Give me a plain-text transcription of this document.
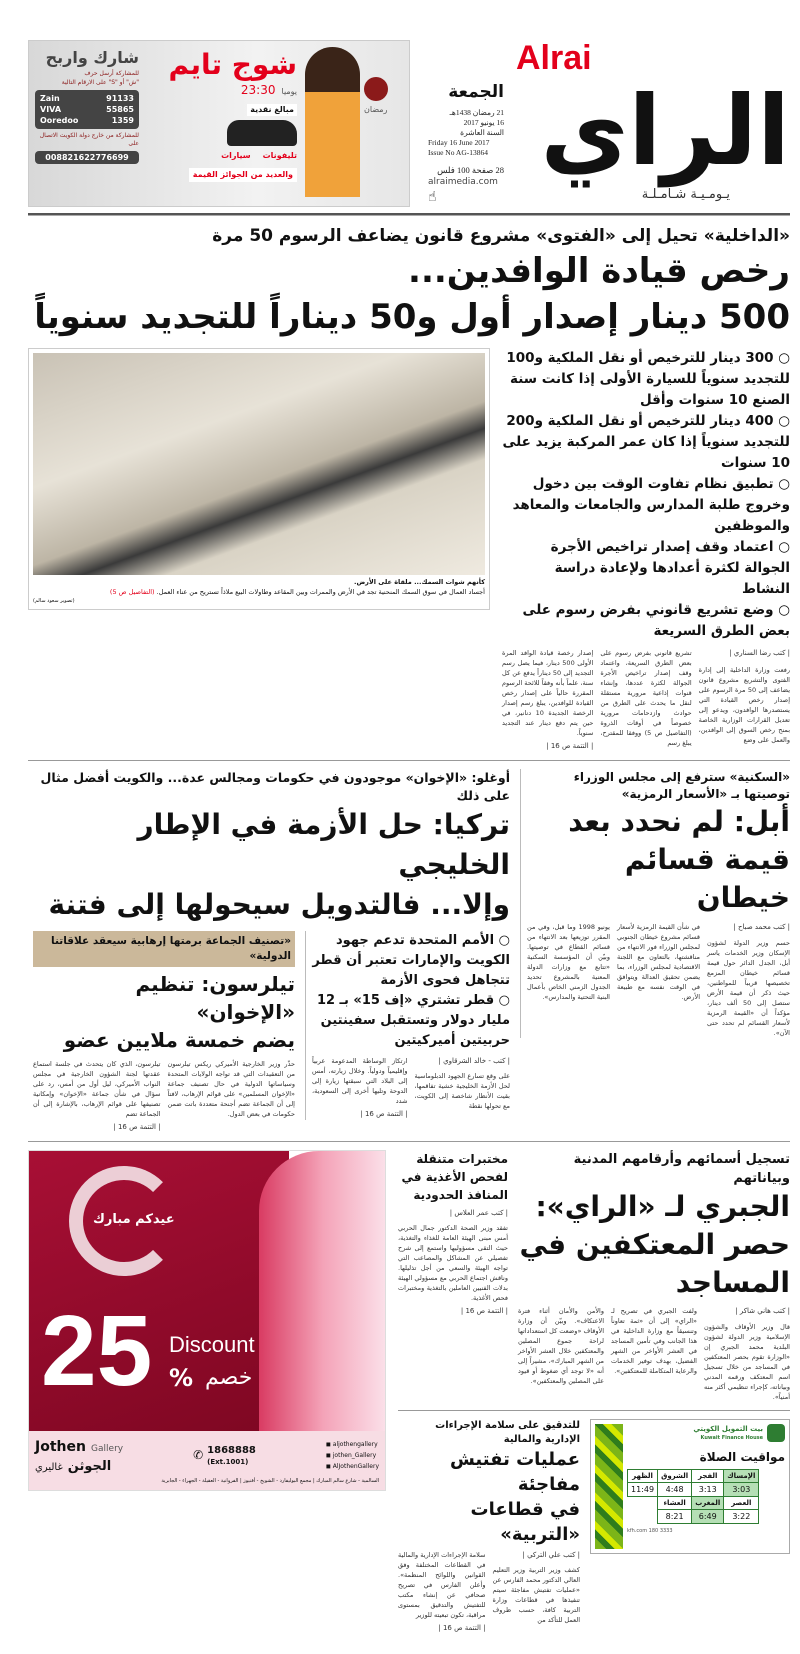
شارك واربح
للمشاركة أرسل حرف
"ش" أو "S" على الارقام التالية
Zain	91133
VIVA	55865
Ooredoo	1359
للمشاركة من خارج دولة الكويت الاتصال على
008821622776699
شوج تايم
يوميا
23:30
مبالغ نقدية
تليفونات
سيارات
والعديد من الجوائز القيمة
رمضان
الجمعة
21 رمضان 1438هـ
16 يونيو 2017
السنة العاشرة
Friday 16 June 2017
Issue No AG-13864
28 صفحة 100 فلس
alraimedia.com
☝
Alrai
الراي
يـومـيـة شـامـلـة
«الداخلية» تحيل إلى «الفتوى» مشروع قانون يضاعف الرسوم 50 مرة
رخص قيادة الوافدين...
500 دينار إصدار أول و50 ديناراً للتجديد سنوياً
كأنهم شوات السمك... ملقاة على الأرض.
أجساد العمال في سوق السمك المنحنية تجد في الأرض والممرات وبين المقاعد وطاولات البيع ملاذاً تستريح من عناء العمل. (التفاصيل ص 5)
(تصوير سعود سالم)
○ 300 دينار للترخيص أو نقل الملكية و100 للتجديد سنوياً للسيارة الأولى إذا كانت سنة الصنع 10 سنوات وأقل
○ 400 دينار للترخيص أو نقل الملكية و200 للتجديد سنوياً إذا كان عمر المركبة يزيد على 10 سنوات
○ تطبيق نظام تفاوت الوقت بين دخول وخروج طلبة المدارس والجامعات والمعاهد والموظفين
○ اعتماد وقف إصدار تراخيص الأجرة الجوالة لكثرة أعدادها ولإعادة دراسة النشاط
○ وضع تشريع قانوني بفرض رسوم على بعض الطرق السريعة
| كتب رضا السناري |
رفعت وزارة الداخلية إلى إدارة الفتوى والتشريع مشروع قانون يضاعف إلى 50 مرة الرسوم على إصدار رخص القيادة التي يستصدرها الوافدون، ويدعو إلى تعديل القرارات الوزارية الخاصة بمنح رخص السوق إلى الوافدين، والعمل على وضع
تشريع قانوني بفرض رسوم على بعض الطرق السريعة، واعتماد وقف إصدار تراخيص الأجرة الجوالة لكثرة عددها، وإنشاء قنوات إذاعية مرورية مستقلة لنقل ما يحدث على الطرق من حوادث وازدحامات مرورية خصوصاً في أوقات الذروة (التفاصيل ص 5) ووفقا للمقترح، يبلغ رسم
إصدار رخصة قيادة الوافد المرة الأولى 500 دينار، فيما يصل رسم التجديد إلى 50 ديناراً يدفع عن كل سنة، علماً بأنه وفقاً للائحة الرسوم المقررة حالياً على إصدار رخص القيادة للوافدين، يبلغ رسم إصدار الرخصة الجديدة 10 دنانير، في حين يتم دفع دينار عند التجديد سنوياً.
| التتمة ص 16 |
أوغلو: «الإخوان» موجودون في حكومات ومجالس عدة... والكويت أفضل مثال على ذلك
تركيا: حل الأزمة في الإطار الخليجي
وإلا... فالتدويل سيحولها إلى فتنة
○ الأمم المتحدة تدعم جهود الكويت والإمارات تعتبر أن قطر تتجاهل فحوى الأزمة
○ قطر تشتري «إف 15» بـ 12 مليار دولار وتستقبل سفينتين حربيتين أميركيتين
| كتب - خالد الشرقاوي |
على وقع تسارع الجهود الدبلوماسية لحل الأزمة الخليجية خشية تفاقمها، بقيت الأنظار شاخصة إلى الكويت، مع تحولها نقطة
ارتكاز الوساطة المدعومة عربياً وإقليمياً ودولياً. وخلال زيارته، أمس إلى البلاد التي سبقتها زيارة إلى الدوحة وتليها أخرى إلى السعودية، شدد
| التتمة ص 16 |
«تصنيف الجماعة برمتها إرهابية سيعقد علاقاتنا الدولية»
تيلرسون: تنظيم «الإخوان»
يضم خمسة ملايين عضو
حذّر وزير الخارجية الأميركي ريكس تيلرسون من التعقيدات التي قد تواجه الولايات المتحدة وسياساتها الدولية في حال تصنيف جماعة «الإخوان المسلمين» على قوائم الإرهاب، لافتاً إلى أن الجماعة تضم أجنحة متعددة باتت ضمن حكومات في بعض الدول.
تيلرسون، الذي كان يتحدث في جلسة استماع عقدتها لجنة الشؤون الخارجية في مجلس النواب الأميركي، ليل أول من أمس، رد على سؤال في شأن جماعة «الإخوان» وإمكانية تصنيفها على قوائم الإرهاب، بالإشارة إلى أن الجماعة تضم
| التتمة ص 16 |
«السكنية» سترفع إلى مجلس الوزراء توصيتها بـ «الأسعار الرمزية»
أبل: لم نحدد بعد قيمة قسائم خيطان
| كتب محمد صباح |
حسم وزير الدولة لشؤون الإسكان وزير الخدمات ياسر أبل، الجدل الدائر حول قيمة قسائم خيطان المزمع تخصيصها قريباً للمواطنين، حيث ذكر أن قيمة الأرض ستصل إلى 50 ألف دينار، مؤكداً أن «القيمة الرمزية لأسعار القسائم لم تحدد حتى الآن».
في شأن القيمة الرمزية لأسعار قسائم مشروع خيطان الجنوبي لمجلس الوزراء فور الانتهاء من مناقشتها، بالتعاون مع اللجنة الاقتصادية لمجلس الوزراء، بما يضمن تحقيق العدالة ويتوافق في الوقت نفسه مع طبيعة الأرض.
يونيو 1998 وما قبل، وفي من المقرر توزيعها بعد الانتهاء من قسائم القطاع في توصيتها. وبيّن أن المؤسسة السكنية «تتابع مع وزارات الدولة المعنية بالمشروع تحديد الجدول الزمني الخاص بأعمال البنية التحتية والمدارس».
عيدكم مبارك
25 Discount
% خصم
Jothen Gallery
الجوثن غاليري
✆ 1868888
(Ext.1001)
◼ aljothengallery
◼ jothen_Gallery
◼ AlJothenGallery
السالمية - شارع سالم المبارك | مجمع البوليفارد - الشويخ - أفنيوز | الفروانية - العقيلة - الجهراء - الجابرية
مختبرات متنقلة لفحص الأغذية في المنافذ الحدودية
| كتب عمر العلاس |
تفقد وزير الصحة الدكتور جمال الحربي أمس مبنى الهيئة العامة للغذاء والتغذية، حيث التقى مسؤوليها واستمع إلى شرح تفصيلي عن المشاكل والمصاعب التي تواجه الهيئة والسعي من أجل تذليلها. وناقش اجتماع الحربي مع مسؤولي الهيئة بدلات الفنيين العاملين بالتغذية ومختبرات فحص الأغذية.
| التتمة ص 16 |
تسجيل أسمائهم وأرقامهم المدنية وبياناتهم
الجبري لـ «الراي»:
حصر المعتكفين في المساجد
| كتب هاني شاكر |
قال وزير الأوقاف والشؤون الإسلامية وزير الدولة لشؤون البلدية محمد الجبري إن «الوزارة تقوم بحصر المعتكفين في المساجد من خلال تسجيل اسم المعتكف ورقمه المدني وبياناته، كإجراء تنظيمي أكثر منه أمنياً».
ولفت الجبري في تصريح لـ «الراي» إلى أن «ثمة تعاوناً وتنسيقاً مع وزارة الداخلية في هذا الجانب وفي تأمين المساجد في العشر الأواخر من الشهر الفضيل، بهدف توفير الخدمات والرعاية المتكاملة للمعتكفين».
والأمن والأمان أثناء فترة الاعتكاف». وبيّن أن وزارة الأوقاف «وضعت كل استعداداتها لراحة جموع المصلين والمعتكفين خلال العشر الأواخر من الشهر المبارك»، مشيراً إلى أنه «لا توجد أي ضغوط أو قيود على المصلين والمعتكفين».
للتدقيق على سلامة الإجراءات الإدارية والمالية
عمليات تفتيش مفاجئة
في قطاعات «التربية»
| كتب علي التركي |
كشف وزير التربية وزير التعليم العالي الدكتور محمد الفارس عن «عمليات تفتيش مفاجئة سيتم تنفيذها في قطاعات وزارة التربية كافة، حسب ظروف العمل للتأكد من
سلامة الإجراءات الإدارية والمالية في القطاعات المختلفة وفق القوانين واللوائح المنظمة». وأعلن الفارس في تصريح صحافي عن إنشاء مكتب للتفتيش والتدقيق بمستوى مراقبة، تكون تبعيته للوزير
| التتمة ص 16 |
بيت التمويل الكويتي
Kuwait Finance House
مواقيت الصلاة
الإمساك	الفجر	الشروق	الظهر
3:03	3:13	4:48	11:49
العصر	المغرب	العشاء	
3:22	6:49	8:21	
kfh.com 180 3333
